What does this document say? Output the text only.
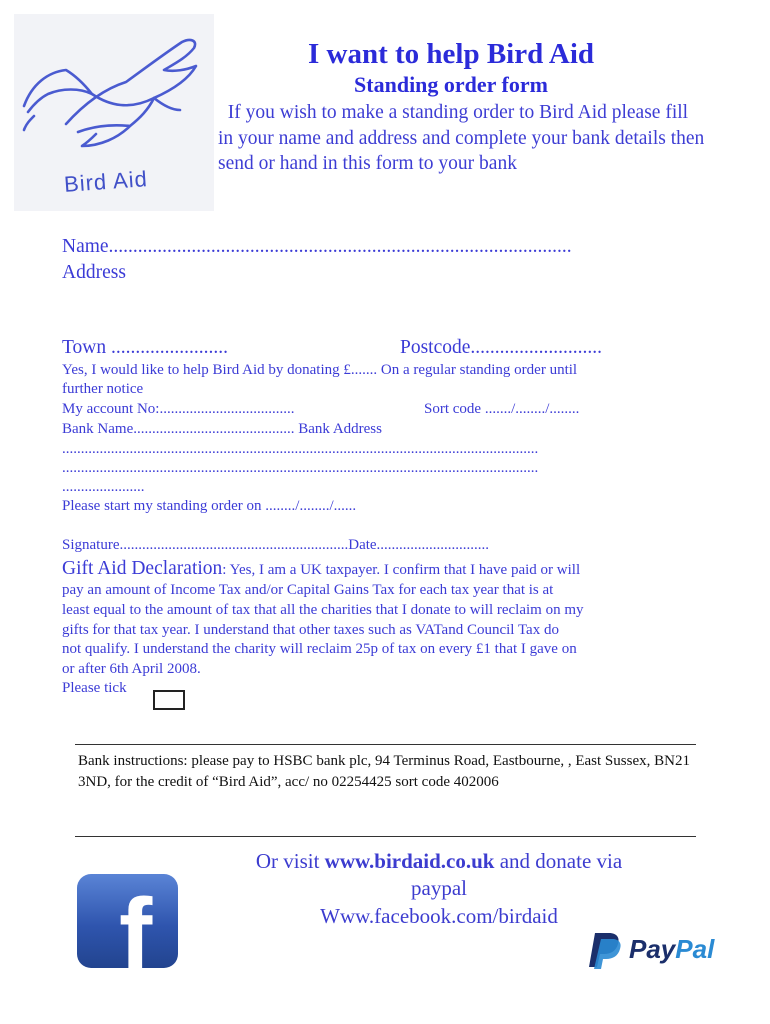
Bird Aid
I want to help Bird Aid
Standing order form
If you wish to make a standing order to Bird Aid please fill in your name and address and complete your bank details then send or hand in this form to your bank
Name...............................................................................................
Address
Town ........................	Postcode...........................
Yes, I would like to help Bird Aid by donating £....... On a regular standing order until
further notice
My account No:....................................	Sort code ......./......../........
Bank Name........................................... Bank Address
...............................................................................................................................
...............................................................................................................................
......................
Please start my standing order on ......../......../......
Signature.............................................................Date..............................
Gift Aid Declaration: Yes, I am a UK taxpayer. I confirm that I have paid or will
pay an amount of Income Tax and/or Capital Gains Tax for each tax year that is at
least equal to the amount of tax that all the charities that I donate to will reclaim on my
gifts for that tax year. I understand that other taxes such as VATand Council Tax do
not qualify. I understand the charity will reclaim 25p of tax on every £1 that I gave on
or after 6th April 2008.
Please tick
Bank instructions: please pay to HSBC bank plc, 94 Terminus Road, Eastbourne, , East Sussex, BN21 3ND, for the credit of “Bird Aid”, acc/ no 02254425 sort code 402006
Or visit www.birdaid.co.uk and donate via
paypal
Www.facebook.com/birdaid
f	PayPal
